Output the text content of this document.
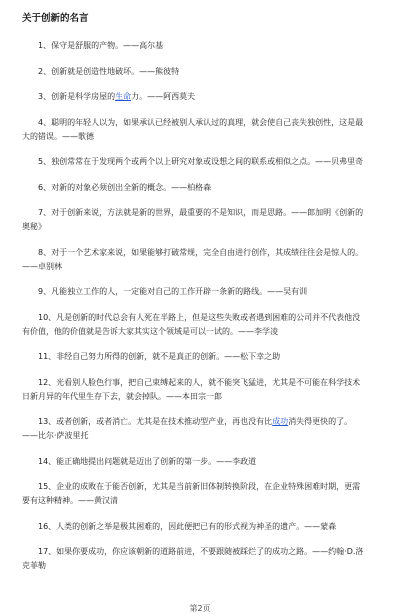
关于创新的名言
1、保守是舒服的产物。——高尔基
2、创新就是创造性地破坏。——熊彼特
3、创新是科学房屋的生命力。——阿西莫夫
4、聪明的年轻人以为，如果承认已经被别人承认过的真理，就会使自己丧失独创性，这是最大的错误。——歌德
5、独创常常在于发现两个或两个以上研究对象或设想之间的联系或相似之点。——贝弗里奇
6、对新的对象必须创出全新的概念。——柏格森
7、对于创新来说，方法就是新的世界，最重要的不是知识，而是思路。——郎加明《创新的奥秘》
8、对于一个艺术家来说，如果能够打破常规，完全自由进行创作，其成绩往往会是惊人的。——卓别林
9、凡能独立工作的人，一定能对自己的工作开辟一条新的路线。——吴有训
10、凡是创新的时代总会有人死在半路上，但是这些失败或者遇到困难的公司并不代表他没有价值，他的价值就是告诉大家其实这个领域是可以一试的。——李学凌
11、非经自己努力所得的创新，就不是真正的创新。——松下幸之助
12、光看别人脸色行事，把自己束缚起来的人，就不能突飞猛进，尤其是不可能在科学技术日新月异的年代里生存下去，就会掉队。——本田宗一郎
13、或者创新，或者消亡。尤其是在技术推动型产业，再也没有比成功消失得更快的了。——比尔·萨波里托
14、能正确地提出问题就是迈出了创新的第一步。——李政道
15、企业的成败在于能否创新，尤其是当前新旧体制转换阶段，在企业特殊困难时期，更需要有这种精神。——黄汉清
16、人类的创新之举是极其困难的，因此便把已有的形式视为神圣的遗产。——蒙森
17、如果你要成功，你应该朝新的道路前进，不要跟随被踩烂了的成功之路。——约翰·D.洛克菲勒
第2页
